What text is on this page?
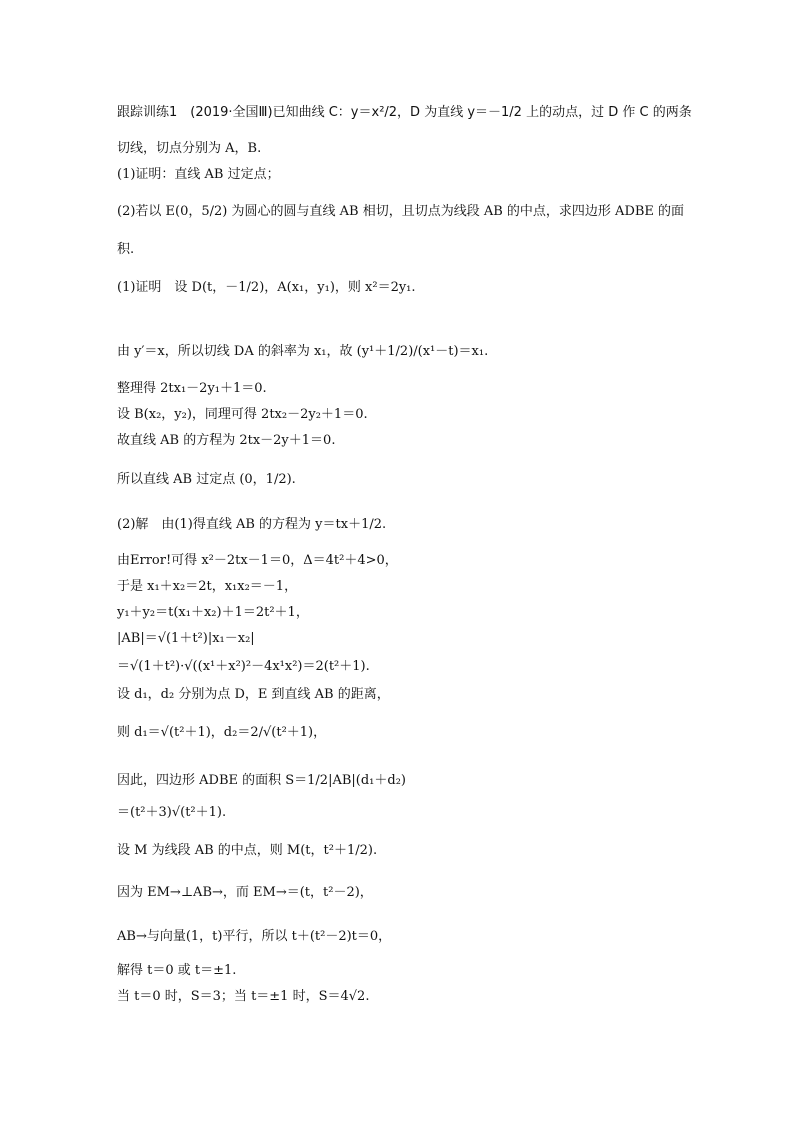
跟踪训练1　(2019·全国Ⅲ)已知曲线 C：y＝x²/2，D 为直线 y＝－1/2 上的动点，过 D 作 C 的两条
切线，切点分别为 A，B.
(1)证明：直线 AB 过定点；
(2)若以 E(0，5/2) 为圆心的圆与直线 AB 相切，且切点为线段 AB 的中点，求四边形 ADBE 的面
积.
(1)证明　设 D(t，－1/2)，A(x₁，y₁)，则 x²＝2y₁.
由 y′＝x，所以切线 DA 的斜率为 x₁，故 (y¹＋1/2)/(x¹－t)＝x₁.
整理得 2tx₁－2y₁＋1＝0.
设 B(x₂，y₂)，同理可得 2tx₂－2y₂＋1＝0.
故直线 AB 的方程为 2tx－2y＋1＝0.
所以直线 AB 过定点 (0，1/2).
(2)解　由(1)得直线 AB 的方程为 y＝tx＋1/2.
由Error!可得 x²－2tx－1＝0，Δ＝4t²＋4>0，
于是 x₁＋x₂＝2t，x₁x₂＝－1，
y₁＋y₂＝t(x₁＋x₂)＋1＝2t²＋1，
|AB|＝√(1＋t²)|x₁－x₂|
＝√(1＋t²)·√((x¹＋x²)²－4x¹x²)＝2(t²＋1).
设 d₁，d₂ 分别为点 D，E 到直线 AB 的距离，
则 d₁＝√(t²＋1)，d₂＝2/√(t²＋1)，
因此，四边形 ADBE 的面积 S＝1/2|AB|(d₁＋d₂)
＝(t²＋3)√(t²＋1).
设 M 为线段 AB 的中点，则 M(t，t²＋1/2).
因为 EM→⊥AB→，而 EM→＝(t，t²－2)，
AB→与向量(1，t)平行，所以 t＋(t²－2)t＝0，
解得 t＝0 或 t＝±1.
当 t＝0 时，S＝3；当 t＝±1 时，S＝4√2.
